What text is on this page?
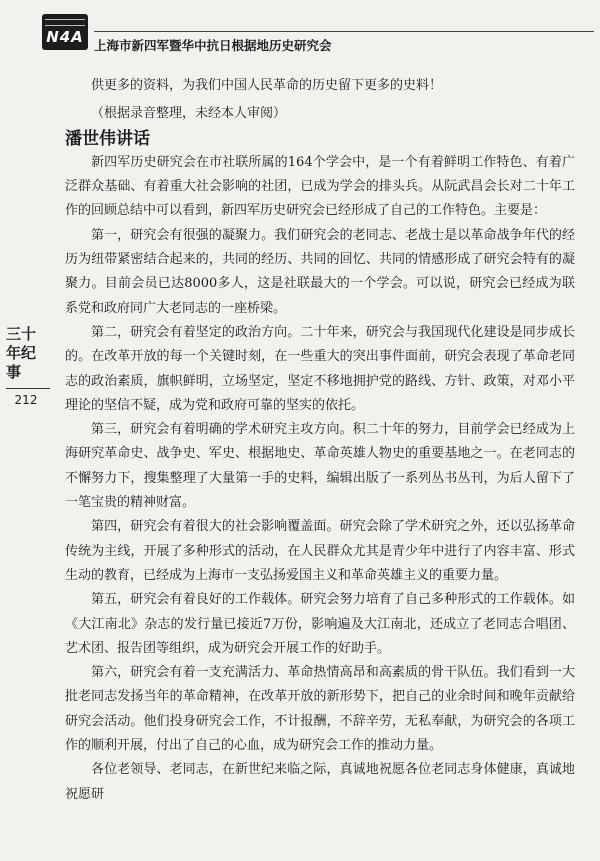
N4A 上海市新四军暨华中抗日根据地历史研究会
三十年纪事
212

供更多的资料，为我们中国人民革命的历史留下更多的史料！

（根据录音整理，未经本人审阅）

潘世伟讲话

新四军历史研究会在市社联所属的164个学会中，是一个有着鲜明工作特色、有着广泛群众基础、有着重大社会影响的社团，已成为学会的排头兵。从阮武昌会长对二十年工作的回顾总结中可以看到，新四军历史研究会已经形成了自己的工作特色。主要是：

第一，研究会有很强的凝聚力。我们研究会的老同志、老战士是以革命战争年代的经历为纽带紧密结合起来的，共同的经历、共同的回忆、共同的情感形成了研究会特有的凝聚力。目前会员已达8000多人，这是社联最大的一个学会。可以说，研究会已经成为联系党和政府同广大老同志的一座桥梁。

第二，研究会有着坚定的政治方向。二十年来，研究会与我国现代化建设是同步成长的。在改革开放的每一个关键时刻，在一些重大的突出事件面前，研究会表现了革命老同志的政治素质，旗帜鲜明，立场坚定，坚定不移地拥护党的路线、方针、政策，对邓小平理论的坚信不疑，成为党和政府可靠的坚实的依托。

第三，研究会有着明确的学术研究主攻方向。积二十年的努力，目前学会已经成为上海研究革命史、战争史、军史、根据地史、革命英雄人物史的重要基地之一。在老同志的不懈努力下，搜集整理了大量第一手的史料，编辑出版了一系列丛书丛刊，为后人留下了一笔宝贵的精神财富。

第四，研究会有着很大的社会影响覆盖面。研究会除了学术研究之外，还以弘扬革命传统为主线，开展了多种形式的活动，在人民群众尤其是青少年中进行了内容丰富、形式生动的教育，已经成为上海市一支弘扬爱国主义和革命英雄主义的重要力量。

第五，研究会有着良好的工作载体。研究会努力培育了自己多种形式的工作载体。如《大江南北》杂志的发行量已接近7万份，影响遍及大江南北，还成立了老同志合唱团、艺术团、报告团等组织，成为研究会开展工作的好助手。

第六，研究会有着一支充满活力、革命热情高昂和高素质的骨干队伍。我们看到一大批老同志发扬当年的革命精神，在改革开放的新形势下，把自己的业余时间和晚年贡献给研究会活动。他们投身研究会工作，不计报酬，不辞辛劳，无私奉献，为研究会的各项工作的顺利开展，付出了自己的心血，成为研究会工作的推动力量。

各位老领导、老同志，在新世纪来临之际，真诚地祝愿各位老同志身体健康，真诚地祝愿研
